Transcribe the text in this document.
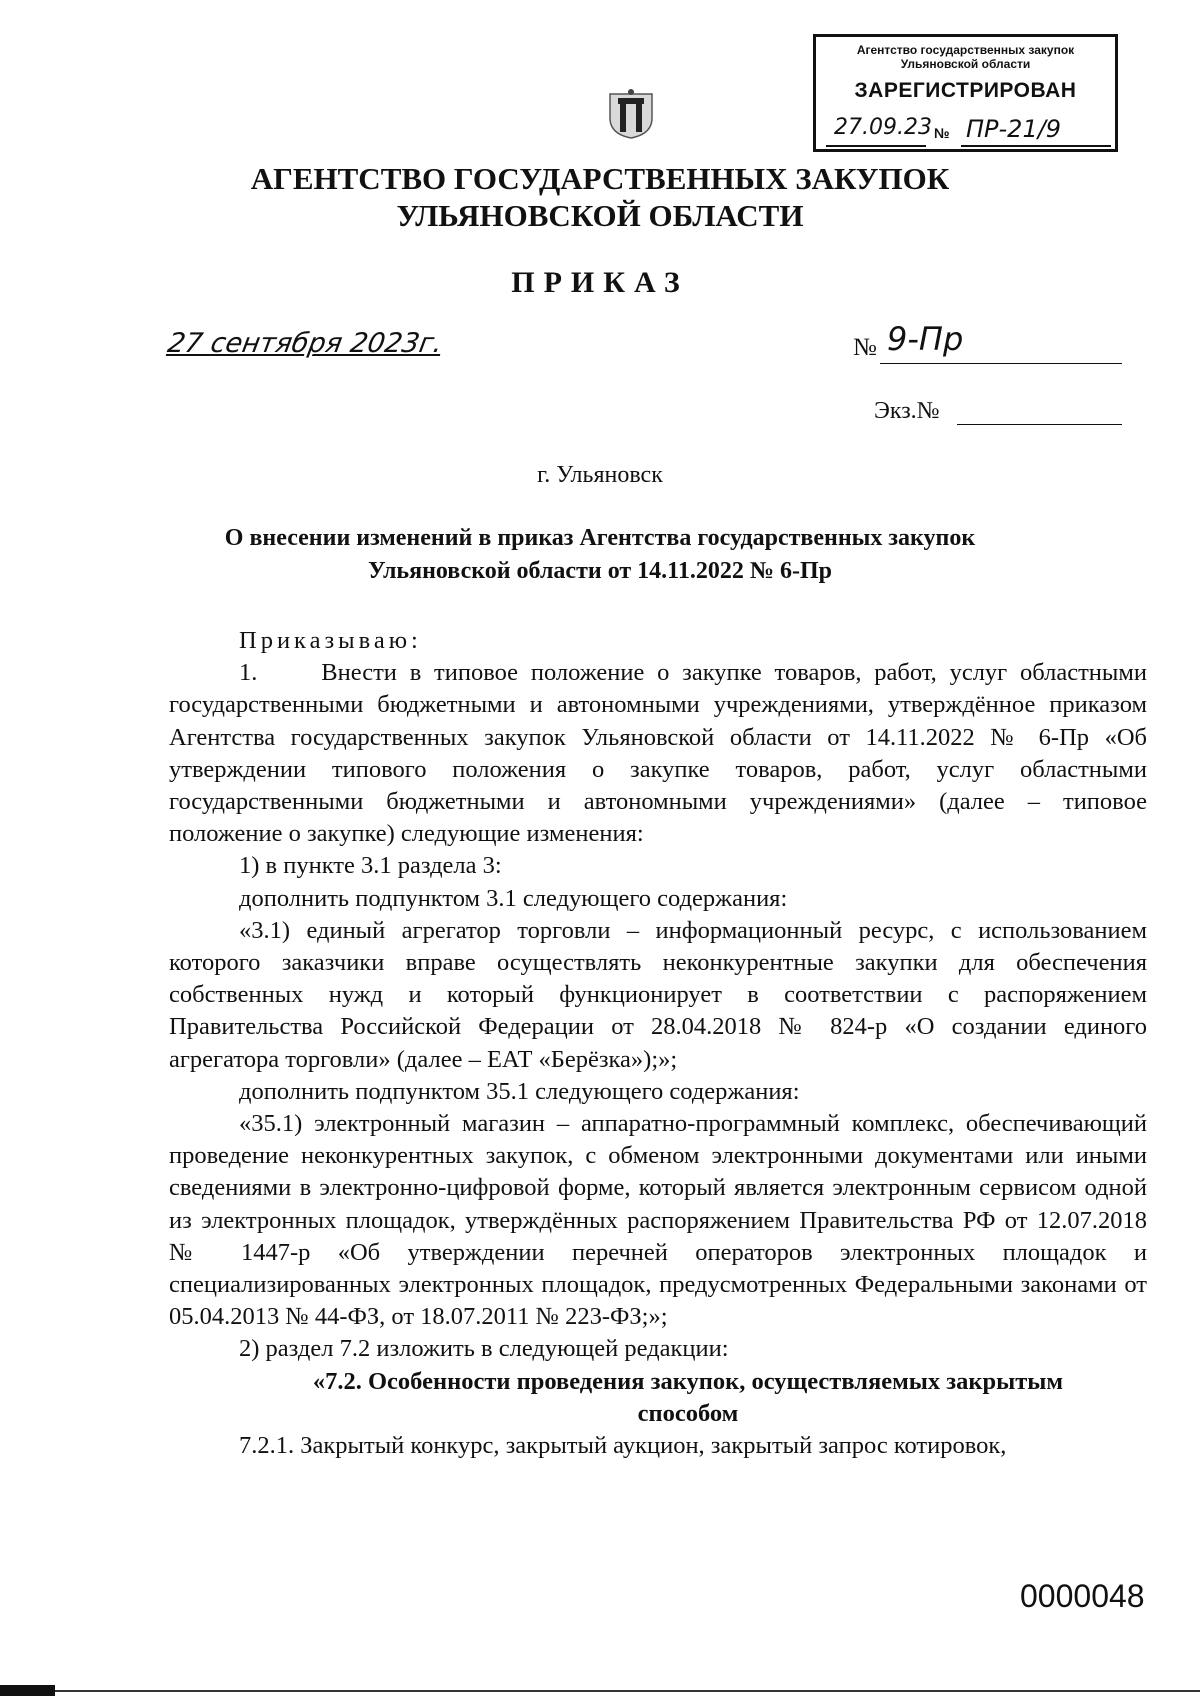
Агентство государственных закупок Ульяновской области
ЗАРЕГИСТРИРОВАН
27.09.23 № ПР-21/9
АГЕНТСТВО ГОСУДАРСТВЕННЫХ ЗАКУПОК
УЛЬЯНОВСКОЙ ОБЛАСТИ
ПРИКАЗ
27 сентября 2023г.	№ 9-Пр
Экз.№
г. Ульяновск
О внесении изменений в приказ Агентства государственных закупок
Ульяновской области от 14.11.2022 № 6-Пр

Приказываю:

1.     Внести в типовое положение о закупке товаров, работ, услуг областными государственными бюджетными и автономными учреждениями, утверждённое приказом Агентства государственных закупок Ульяновской области от 14.11.2022 № 6-Пр «Об утверждении типового положения о закупке товаров, работ, услуг областными государственными бюджетными и автономными учреждениями» (далее – типовое положение о закупке) следующие изменения:

1) в пункте 3.1 раздела 3:

дополнить подпунктом 3.1 следующего содержания:

«3.1) единый агрегатор торговли – информационный ресурс, с использованием которого заказчики вправе осуществлять неконкурентные закупки для обеспечения собственных нужд и который функционирует в соответствии с распоряжением Правительства Российской Федерации от 28.04.2018 № 824-р «О создании единого агрегатора торговли» (далее – ЕАТ «Берёзка»);»;

дополнить подпунктом 35.1 следующего содержания:

«35.1) электронный магазин – аппаратно-программный комплекс, обеспечивающий проведение неконкурентных закупок, с обменом электронными документами или иными сведениями в электронно-цифровой форме, который является электронным сервисом одной из электронных площадок, утверждённых распоряжением Правительства РФ от 12.07.2018 № 1447-р «Об утверждении перечней операторов электронных площадок и специализированных электронных площадок, предусмотренных Федеральными законами от 05.04.2013 № 44-ФЗ, от 18.07.2011 № 223-ФЗ;»;

2) раздел 7.2 изложить в следующей редакции:

«7.2. Особенности проведения закупок, осуществляемых закрытым

способом

7.2.1. Закрытый конкурс, закрытый аукцион, закрытый запрос котировок,

0000048
